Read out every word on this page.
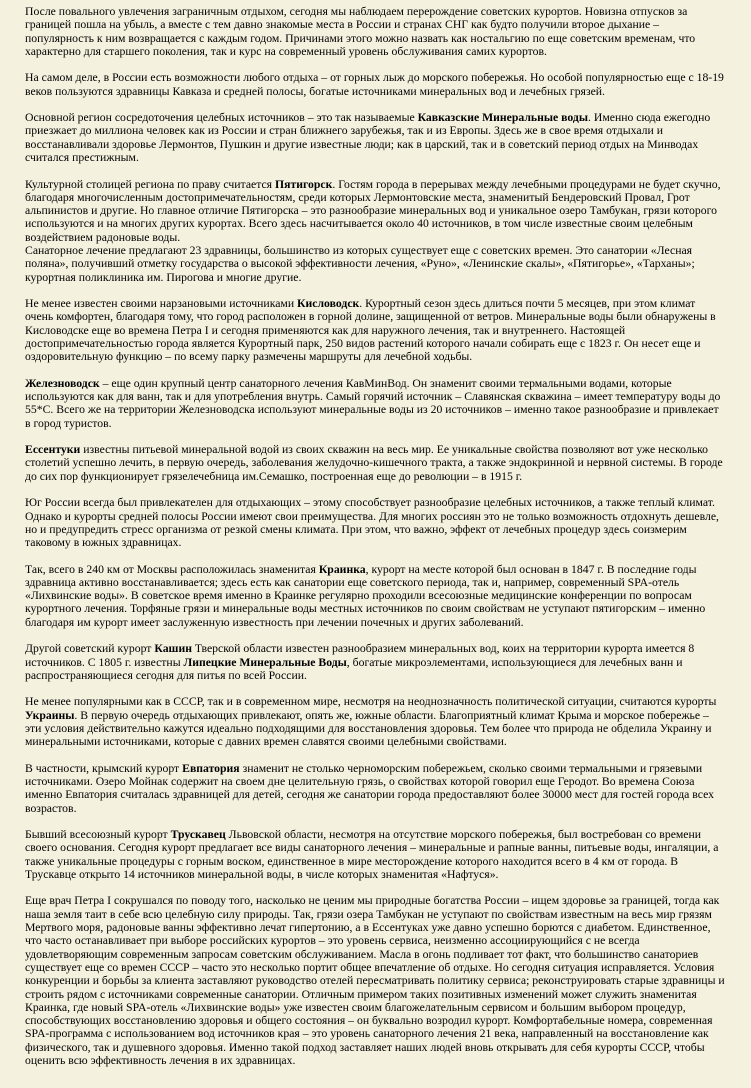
После повального увлечения заграничным отдыхом, сегодня мы наблюдаем перерождение советских курортов. Новизна отпусков за границей пошла на убыль, а вместе с тем давно знакомые места в России и странах СНГ как будто получили второе дыхание – популярность к ним возвращается с каждым годом. Причинами этого можно назвать как ностальгию по еще советским временам, что характерно для старшего поколения, так и курс на современный уровень обслуживания самих курортов.

На самом деле, в России есть возможности любого отдыха – от горных лыж до морского побережья. Но особой популярностью еще с 18-19 веков пользуются здравницы Кавказа и средней полосы, богатые источниками минеральных вод и лечебных грязей.

Основной регион сосредоточения целебных источников – это так называемые Кавказские Минеральные воды. Именно сюда ежегодно приезжает до миллиона человек как из России и стран ближнего зарубежья, так и из Европы. Здесь же в свое время отдыхали и восстанавливали здоровье Лермонтов, Пушкин и другие известные люди; как в царский, так и в советский период отдых на Минводах считался престижным.

Культурной столицей региона по праву считается Пятигорск. Гостям города в перерывах между лечебными процедурами не будет скучно, благодаря многочисленным достопримечательностям, среди которых Лермонтовские места, знаменитый Бендеровский Провал, Грот альпинистов и другие. Но главное отличие Пятигорска – это разнообразие минеральных вод и уникальное озеро Тамбукан, грязи которого используются и на многих других курортах. Всего здесь насчитывается около 40 источников, в том числе известные своим целебным воздействием радоновые воды.

Санаторное лечение предлагают 23 здравницы, большинство из которых существует еще с советских времен. Это санатории «Лесная поляна», получивший отметку государства о высокой эффективности лечения, «Руно», «Ленинские скалы», «Пятигорье», «Тарханы»; курортная поликлиника им. Пирогова и многие другие.

Не менее известен своими нарзановыми источниками Кисловодск. Курортный сезон здесь длиться почти 5 месяцев, при этом климат очень комфортен, благодаря тому, что город расположен в горной долине, защищенной от ветров. Минеральные воды были обнаружены в Кисловодске еще во времена Петра I и сегодня применяются как для наружного лечения, так и внутреннего. Настоящей достопримечательностью города является Курортный парк, 250 видов растений которого начали собирать еще с 1823 г. Он несет еще и оздоровительную функцию – по всему парку размечены маршруты для лечебной ходьбы.

Железноводск – еще один крупный центр санаторного лечения КавМинВод. Он знаменит своими термальными водами, которые используются как для ванн, так и для употребления внутрь. Самый горячий источник – Славянская скважина – имеет температуру воды до 55*С. Всего же на территории Железноводска используют минеральные воды из 20 источников – именно такое разнообразие и привлекает в город туристов.

Ессентуки известны питьевой минеральной водой из своих скважин на весь мир. Ее уникальные свойства позволяют вот уже несколько столетий успешно лечить, в первую очередь, заболевания желудочно-кишечного тракта, а также эндокринной и нервной системы. В городе до сих пор функционирует грязелечебница им.Семашко, построенная еще до революции – в 1915 г.

Юг России всегда был привлекателен для отдыхающих – этому способствует разнообразие целебных источников, а также теплый климат. Однако и курорты средней полосы России имеют свои преимущества. Для многих россиян это не только возможность отдохнуть дешевле, но и предупредить стресс организма от резкой смены климата. При этом, что важно, эффект от лечебных процедур здесь соизмерим таковому в южных здравницах.

Так, всего в 240 км от Москвы расположилась знаменитая Краинка, курорт на месте которой был основан в 1847 г. В последние годы здравница активно восстанавливается; здесь есть как санатории еще советского периода, так и, например, современный SPA-отель «Лихвинские воды». В советское время именно в Краинке регулярно проходили всесоюзные медицинские конференции по вопросам курортного лечения. Торфяные грязи и минеральные воды местных источников по своим свойствам не уступают пятигорским – именно благодаря им курорт имеет заслуженную известность при лечении почечных и других заболеваний.

Другой советский курорт Кашин Тверской области известен разнообразием минеральных вод, коих на территории курорта имеется 8 источников. С 1805 г. известны Липецкие Минеральные Воды, богатые микроэлементами, использующиеся для лечебных ванн и распространяющиеся сегодня для питья по всей России.

Не менее популярными как в СССР, так и в современном мире, несмотря на неоднозначность политической ситуации, считаются курорты Украины. В первую очередь отдыхающих привлекают, опять же, южные области. Благоприятный климат Крыма и морское побережье – эти условия действительно кажутся идеально подходящими для восстановления здоровья. Тем более что природа не обделила Украину и минеральными источниками, которые с давних времен славятся своими целебными свойствами.

В частности, крымский курорт Евпатория знаменит не столько черноморским побережьем, сколько своими термальными и грязевыми источниками. Озеро Мойнак содержит на своем дне целительную грязь, о свойствах которой говорил еще Геродот. Во времена Союза именно Евпатория считалась здравницей для детей, сегодня же санатории города предоставляют более 30000 мест для гостей города всех возрастов.

Бывший всесоюзный курорт Трускавец Львовской области, несмотря на отсутствие морского побережья, был востребован со времени своего основания. Сегодня курорт предлагает все виды санаторного лечения – минеральные и рапные ванны, питьевые воды, ингаляции, а также уникальные процедуры с горным воском, единственное в мире месторождение которого находится всего в 4 км от города. В Трускавце открыто 14 источников минеральной воды, в числе которых знаменитая «Нафтуся».

Еще врач Петра I сокрушался по поводу того, насколько не ценим мы природные богатства России – ищем здоровье за границей, тогда как наша земля таит в себе всю целебную силу природы. Так, грязи озера Тамбукан не уступают по свойствам известным на весь мир грязям Мертвого моря, радоновые ванны эффективно лечат гипертонию, а в Ессентуках уже давно успешно борются с диабетом. Единственное, что часто останавливает при выборе российских курортов – это уровень сервиса, неизменно ассоциирующийся с не всегда удовлетворяющим современным запросам советским обслуживанием. Масла в огонь подливает тот факт, что большинство санаториев существует еще со времен СССР – часто это несколько портит общее впечатление об отдыхе. Но сегодня ситуация исправляется. Условия конкуренции и борьбы за клиента заставляют руководство отелей пересматривать политику сервиса; реконструировать старые здравницы и строить рядом с источниками современные санатории. Отличным примером таких позитивных изменений может служить знаменитая Краинка, где новый SPA-отель «Лихвинские воды» уже известен своим благожелательным сервисом и большим выбором процедур, способствующих восстановлению здоровья и общего состояния – он буквально возродил курорт. Комфортабельные номера, современная SPA-программа с использованием вод источников края – это уровень санаторного лечения 21 века, направленный на восстановление как физического, так и душевного здоровья. Именно такой подход заставляет наших людей вновь открывать для себя курорты СССР, чтобы оценить всю эффективность лечения в их здравницах.
